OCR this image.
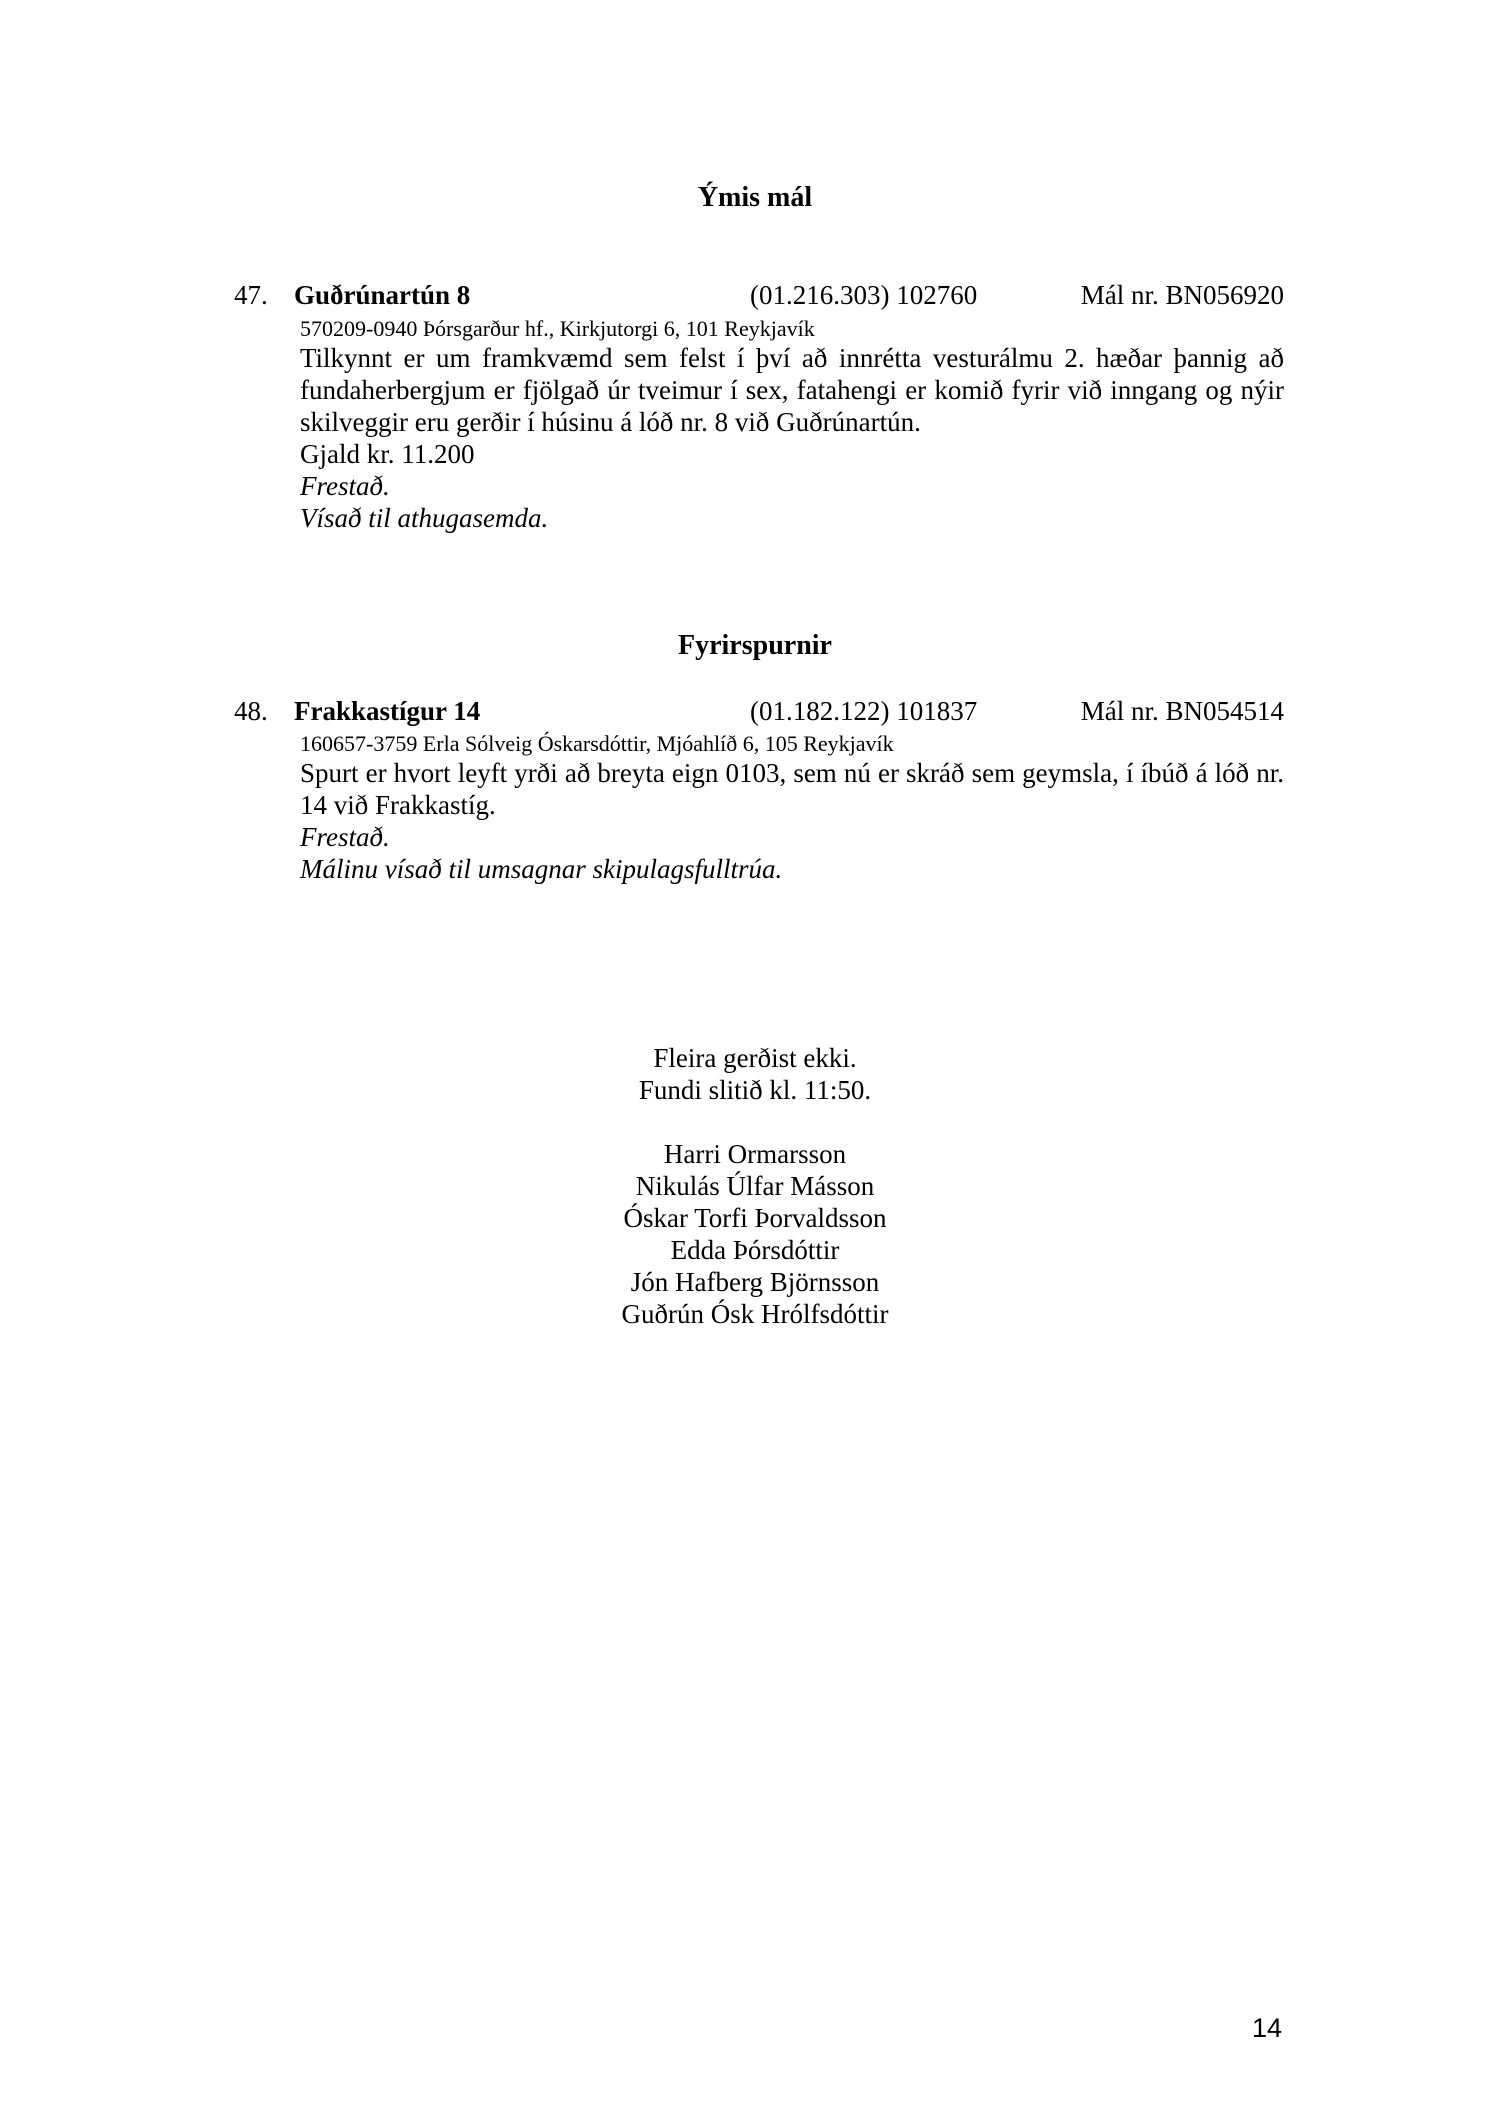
Ýmis mál
47. Guðrúnartún 8	(01.216.303) 102760	Mál nr. BN056920
570209-0940 Þórsgarður hf., Kirkjutorgi 6, 101 Reykjavík

Tilkynnt er um framkvæmd sem felst í því að innrétta vesturálmu 2. hæðar þannig að fundaherbergjum er fjölgað úr tveimur í sex, fatahengi er komið fyrir við inngang og nýir skilveggir eru gerðir í húsinu á lóð nr. 8 við Guðrúnartún.

Gjald kr. 11.200

Frestað.

Vísað til athugasemda.

Fyrirspurnir
48. Frakkastígur 14	(01.182.122) 101837	Mál nr. BN054514
160657-3759 Erla Sólveig Óskarsdóttir, Mjóahlíð 6, 105 Reykjavík

Spurt er hvort leyft yrði að breyta eign 0103, sem nú er skráð sem geymsla, í íbúð á lóð nr. 14 við Frakkastíg.

Frestað.

Málinu vísað til umsagnar skipulagsfulltrúa.

Fleira gerðist ekki.
Fundi slitið kl. 11:50.
Harri Ormarsson
Nikulás Úlfar Másson
Óskar Torfi Þorvaldsson
Edda Þórsdóttir
Jón Hafberg Björnsson
Guðrún Ósk Hrólfsdóttir
14
